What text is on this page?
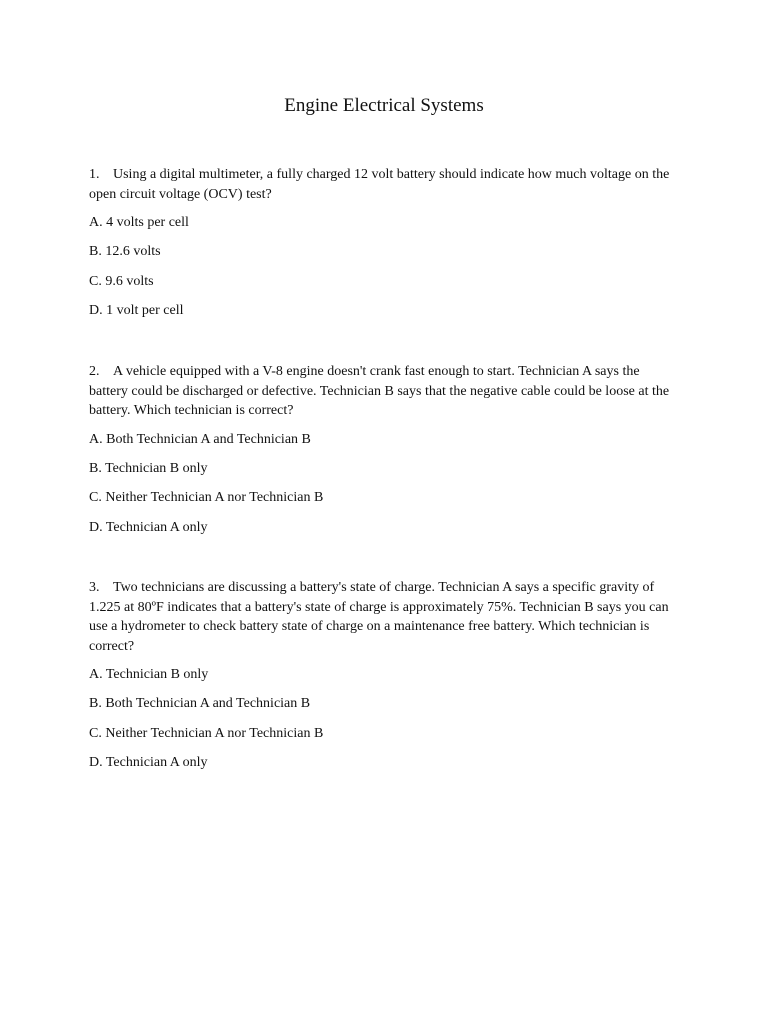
Engine Electrical Systems

1. Using a digital multimeter, a fully charged 12 volt battery should indicate how much voltage on the open circuit voltage (OCV) test?

A. 4 volts per cell
B. 12.6 volts
C. 9.6 volts
D. 1 volt per cell

2. A vehicle equipped with a V-8 engine doesn't crank fast enough to start. Technician A says the battery could be discharged or defective. Technician B says that the negative cable could be loose at the battery. Which technician is correct?

A. Both Technician A and Technician B
B. Technician B only
C. Neither Technician A nor Technician B
D. Technician A only

3. Two technicians are discussing a battery's state of charge. Technician A says a specific gravity of 1.225 at 80ºF indicates that a battery's state of charge is approximately 75%. Technician B says you can use a hydrometer to check battery state of charge on a maintenance free battery. Which technician is correct?

A. Technician B only
B. Both Technician A and Technician B
C. Neither Technician A nor Technician B
D. Technician A only
